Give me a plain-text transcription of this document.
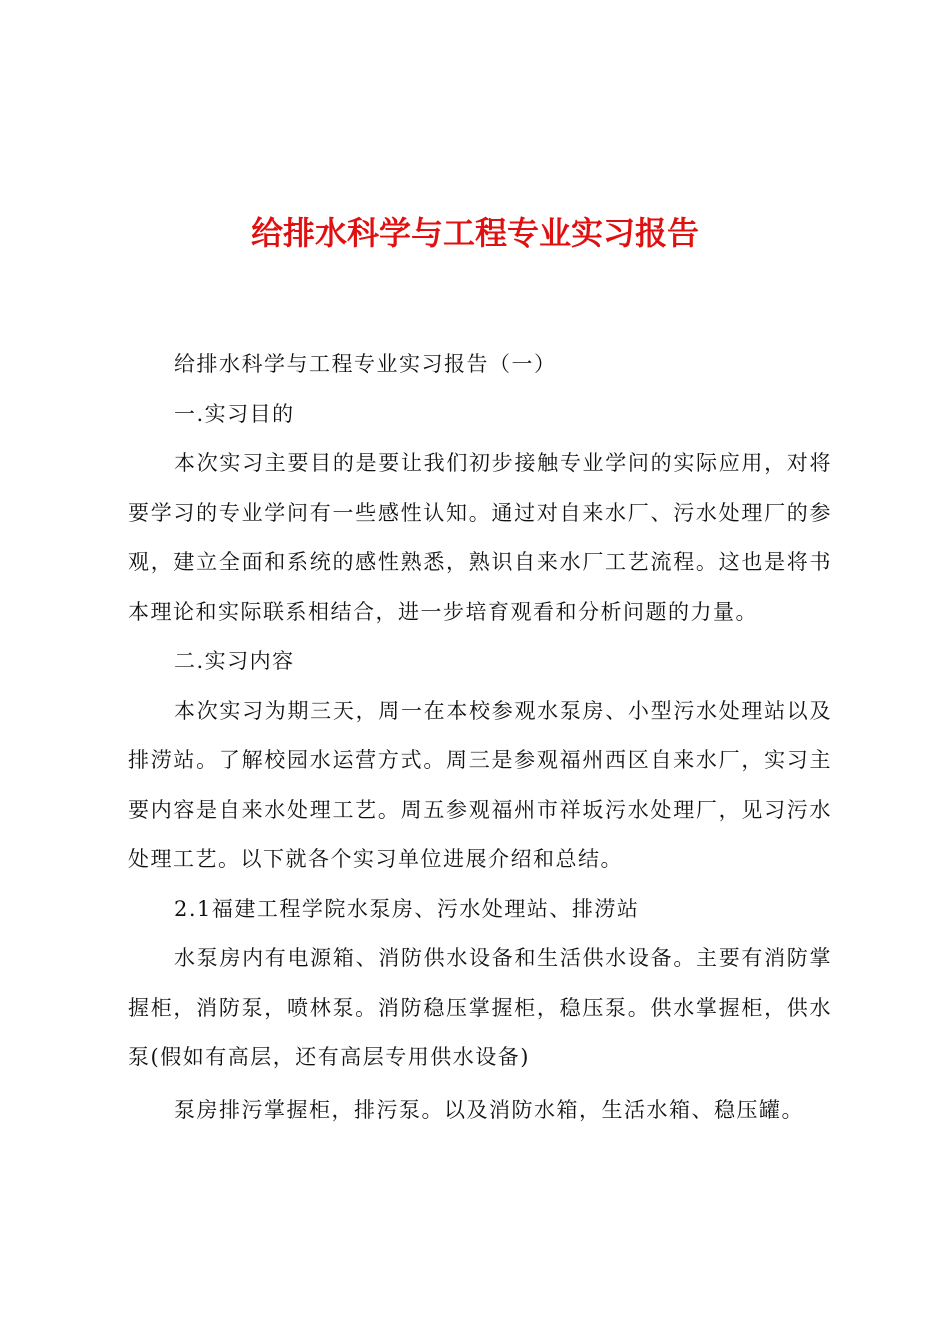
给排水科学与工程专业实习报告

给排水科学与工程专业实习报告（一）

一.实习目的

本次实习主要目的是要让我们初步接触专业学问的实际应用，对将要学习的专业学问有一些感性认知。通过对自来水厂、污水处理厂的参观，建立全面和系统的感性熟悉，熟识自来水厂工艺流程。这也是将书本理论和实际联系相结合，进一步培育观看和分析问题的力量。

二.实习内容

本次实习为期三天，周一在本校参观水泵房、小型污水处理站以及排涝站。了解校园水运营方式。周三是参观福州西区自来水厂，实习主要内容是自来水处理工艺。周五参观福州市祥坂污水处理厂，见习污水处理工艺。以下就各个实习单位进展介绍和总结。

2.1福建工程学院水泵房、污水处理站、排涝站

水泵房内有电源箱、消防供水设备和生活供水设备。主要有消防掌握柜，消防泵，喷林泵。消防稳压掌握柜，稳压泵。供水掌握柜，供水泵(假如有高层，还有高层专用供水设备)

泵房排污掌握柜，排污泵。以及消防水箱，生活水箱、稳压罐。
